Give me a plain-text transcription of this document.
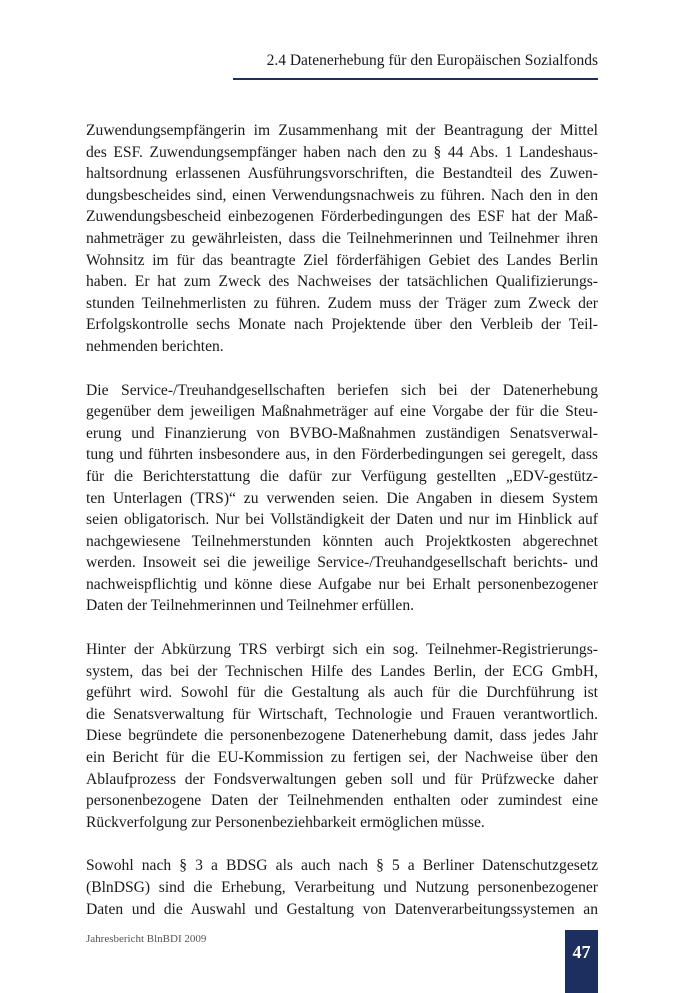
2.4 Datenerhebung für den Europäischen Sozialfonds
Zuwendungsempfängerin im Zusammenhang mit der Beantragung der Mittel
des ESF. Zuwendungsempfänger haben nach den zu § 44 Abs. 1 Landeshaus-
haltsordnung erlassenen Ausführungsvorschriften, die Bestandteil des Zuwen-
dungsbescheides sind, einen Verwendungsnachweis zu führen. Nach den in den
Zuwendungsbescheid einbezogenen Förderbedingungen des ESF hat der Maß-
nahmeträger zu gewährleisten, dass die Teilnehmerinnen und Teilnehmer ihren
Wohnsitz im für das beantragte Ziel förderfähigen Gebiet des Landes Berlin
haben. Er hat zum Zweck des Nachweises der tatsächlichen Qualifizierungs-
stunden Teilnehmerlisten zu führen. Zudem muss der Träger zum Zweck der
Erfolgskontrolle sechs Monate nach Projektende über den Verbleib der Teil-
nehmenden berichten.
Die Service-/Treuhandgesellschaften beriefen sich bei der Datenerhebung
gegenüber dem jeweiligen Maßnahmeträger auf eine Vorgabe der für die Steu-
erung und Finanzierung von BVBO-Maßnahmen zuständigen Senatsverwal-
tung und führten insbesondere aus, in den Förderbedingungen sei geregelt, dass
für die Berichterstattung die dafür zur Verfügung gestellten „EDV-gestütz-
ten Unterlagen (TRS)“ zu verwenden seien. Die Angaben in diesem System
seien obligatorisch. Nur bei Vollständigkeit der Daten und nur im Hinblick auf
nachgewiesene Teilnehmerstunden könnten auch Projektkosten abgerechnet
werden. Insoweit sei die jeweilige Service-/Treuhandgesellschaft berichts- und
nachweispflichtig und könne diese Aufgabe nur bei Erhalt personenbezogener
Daten der Teilnehmerinnen und Teilnehmer erfüllen.
Hinter der Abkürzung TRS verbirgt sich ein sog. Teilnehmer-Registrierungs-
system, das bei der Technischen Hilfe des Landes Berlin, der ECG GmbH,
geführt wird. Sowohl für die Gestaltung als auch für die Durchführung ist
die Senatsverwaltung für Wirtschaft, Technologie und Frauen verantwortlich.
Diese begründete die personenbezogene Datenerhebung damit, dass jedes Jahr
ein Bericht für die EU-Kommission zu fertigen sei, der Nachweise über den
Ablaufprozess der Fondsverwaltungen geben soll und für Prüfzwecke daher
personenbezogene Daten der Teilnehmenden enthalten oder zumindest eine
Rückverfolgung zur Personenbeziehbarkeit ermöglichen müsse.
Sowohl nach § 3 a BDSG als auch nach § 5 a Berliner Datenschutzgesetz
(BlnDSG) sind die Erhebung, Verarbeitung und Nutzung personenbezogener
Daten und die Auswahl und Gestaltung von Datenverarbeitungssystemen an
Jahresbericht BlnBDI 2009
47
